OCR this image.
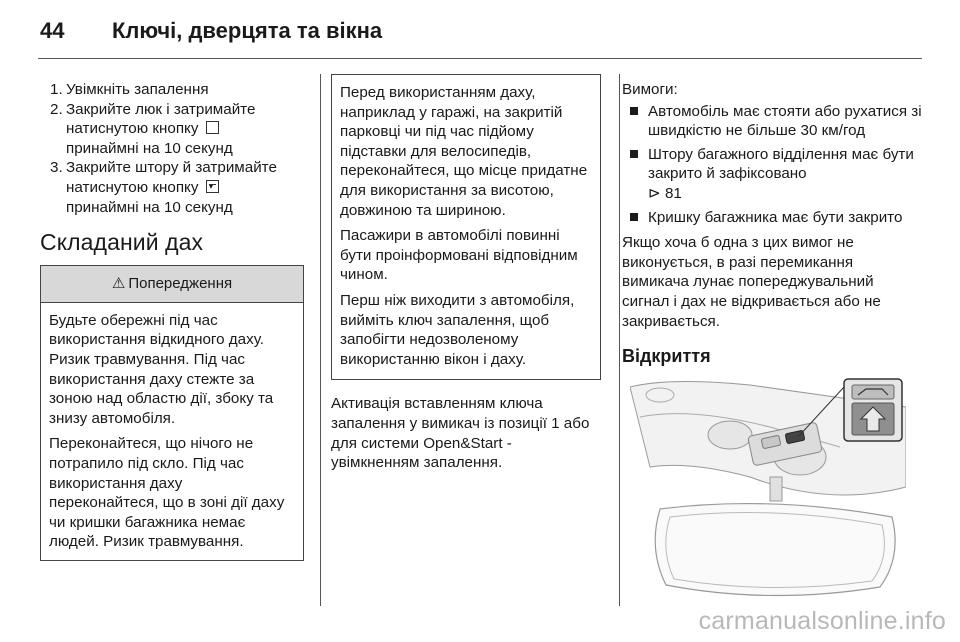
44	Ключі, дверцята та вікна
1. Увімкніть запалення
2. Закрийте люк і затримайте натиснутою кнопку
принаймні на 10 секунд
3. Закрийте штору й затримайте натиснутою кнопку ▾
принаймні на 10 секунд
Складаний дах
⚠ Попередження

Будьте обережні під час використання відкидного даху. Ризик травмування. Під час використання даху стежте за зоною над областю дії, збоку та знизу автомобіля.

Переконайтеся, що нічого не потрапило під скло. Під час використання даху переконайтеся, що в зоні дії даху чи кришки багажника немає людей. Ризик травмування.

Перед використанням даху, наприклад у гаражі, на закритій парковці чи під час підйому підставки для велосипедів, переконайтеся, що місце придатне для використання за висотою, довжиною та шириною.

Пасажири в автомобілі повинні бути проінформовані відповідним чином.

Перш ніж виходити з автомобіля, вийміть ключ запалення, щоб запобігти недозволеному використанню вікон і даху.

Активація вставленням ключа запалення у вимикач із позиції 1 або для системи Open&Start - увімкненням запалення.

Вимоги:

Автомобіль має стояти або рухатися зі швидкістю не більше 30 км/год
Штору багажного відділення має бути закрито й зафіксовано
⊳ 81
Кришку багажника має бути закрито

Якщо хоча б одна з цих вимог не виконується, в разі перемикання вимикача лунає попереджувальний сигнал і дах не відкривається або не закривається.

Відкриття
carmanualsonline.info
